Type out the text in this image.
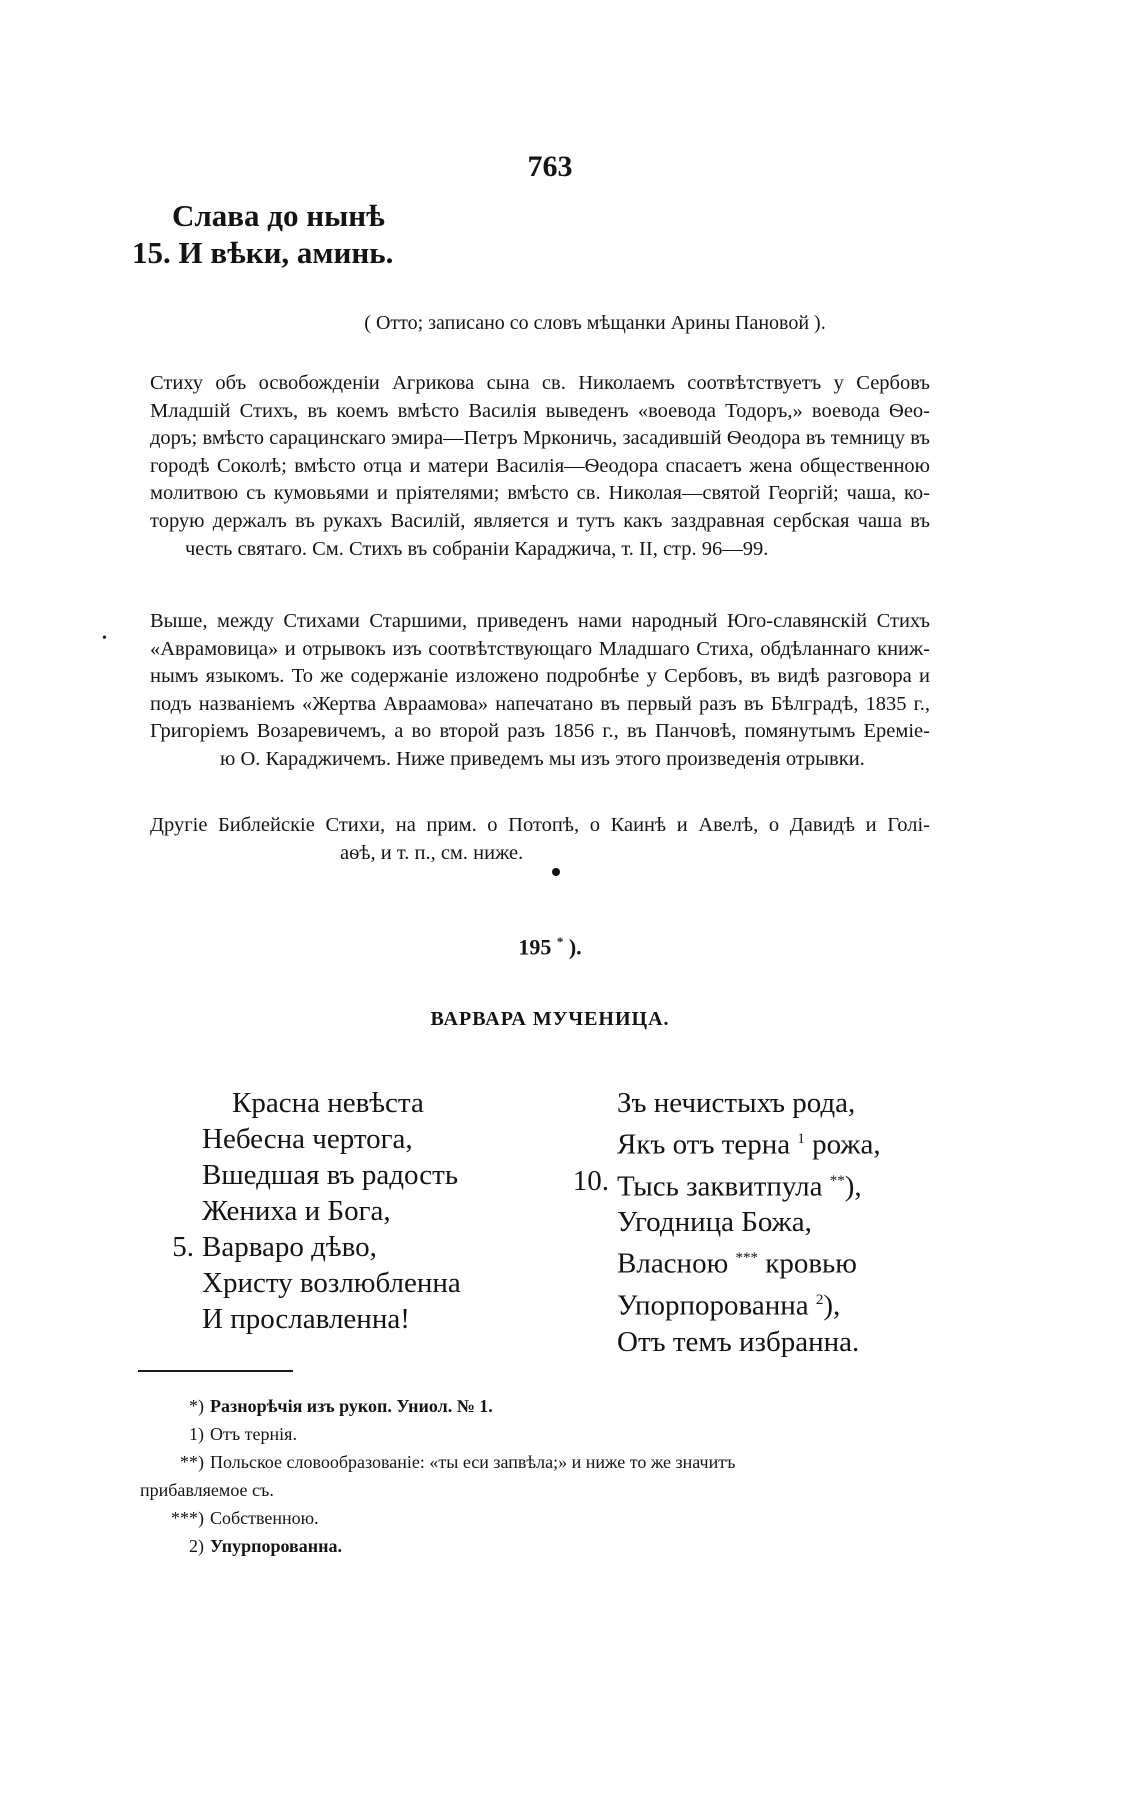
763
Слава до нынѣ
15. И вѣки, аминь.
( Отто; записано со словъ мѣщанки Арины Пановой ).
Стиху объ освобожденіи Агрикова сына св. Николаемъ соотвѣтствуетъ у Сербовъ
Младшій Стихъ, въ коемъ вмѣсто Василія выведенъ «воевода Тодоръ,» воевода Ѳео-
доръ; вмѣсто сарацинскаго эмира—Петръ Мрконичь, засадившій Ѳеодора въ темницу въ
городѣ Соколѣ; вмѣсто отца и матери Василія—Ѳеодора спасаетъ жена общественною
молитвою съ кумовьями и пріятелями; вмѣсто св. Николая—святой Георгій; чаша, ко-
торую держалъ въ рукахъ Василій, является и тутъ какъ заздравная сербская чаша въ
честь святаго. См. Стихъ въ собраніи Караджича, т. II, стр. 96—99.
•
Выше, между Стихами Старшими, приведенъ нами народный Юго-славянскій Стихъ
«Аврамовица» и отрывокъ изъ соотвѣтствующаго Младшаго Стиха, обдѣланнаго книж-
нымъ языкомъ. То же содержаніе изложено подробнѣе у Сербовъ, въ видѣ разговора и
подъ названіемъ «Жертва Авраамова» напечатано въ первый разъ въ Бѣлградѣ, 1835 г.,
Григоріемъ Возаревичемъ, а во второй разъ 1856 г., въ Панчовѣ, помянутымъ Ереміе-
ю О. Караджичемъ. Ниже приведемъ мы изъ этого произведенія отрывки.
Другіе Библейскіе Стихи, на прим. о Потопѣ, о Каинѣ и Авелѣ, о Давидѣ и Голі-
аѳѣ, и т. п., см. ниже.
195 * ).
ВАРВАРА МУЧЕНИЦА.
Красна невѣста
Небесна чертога,
Вшедшая въ радость
Жениха и Бога,
5. Варваро дѣво,
Христу возлюбленна
И прославленна!
Зъ нечистыхъ рода,
Якъ отъ терна $^1$ рожа,
10. Тысь заквитпула **),
Угодница Божа,
Власною *** кровью
Упорпорованна $^2$),
Отъ темъ избранна.
*) Разнорѣчія изъ рукоп. Униол. № 1.
1) Отъ тернія.
**) Польское словообразованіе: «ты еси запвѣла;» и ниже то же значитъ
прибавляемое съ.
***) Собственною.
2) Упурпорованна.
